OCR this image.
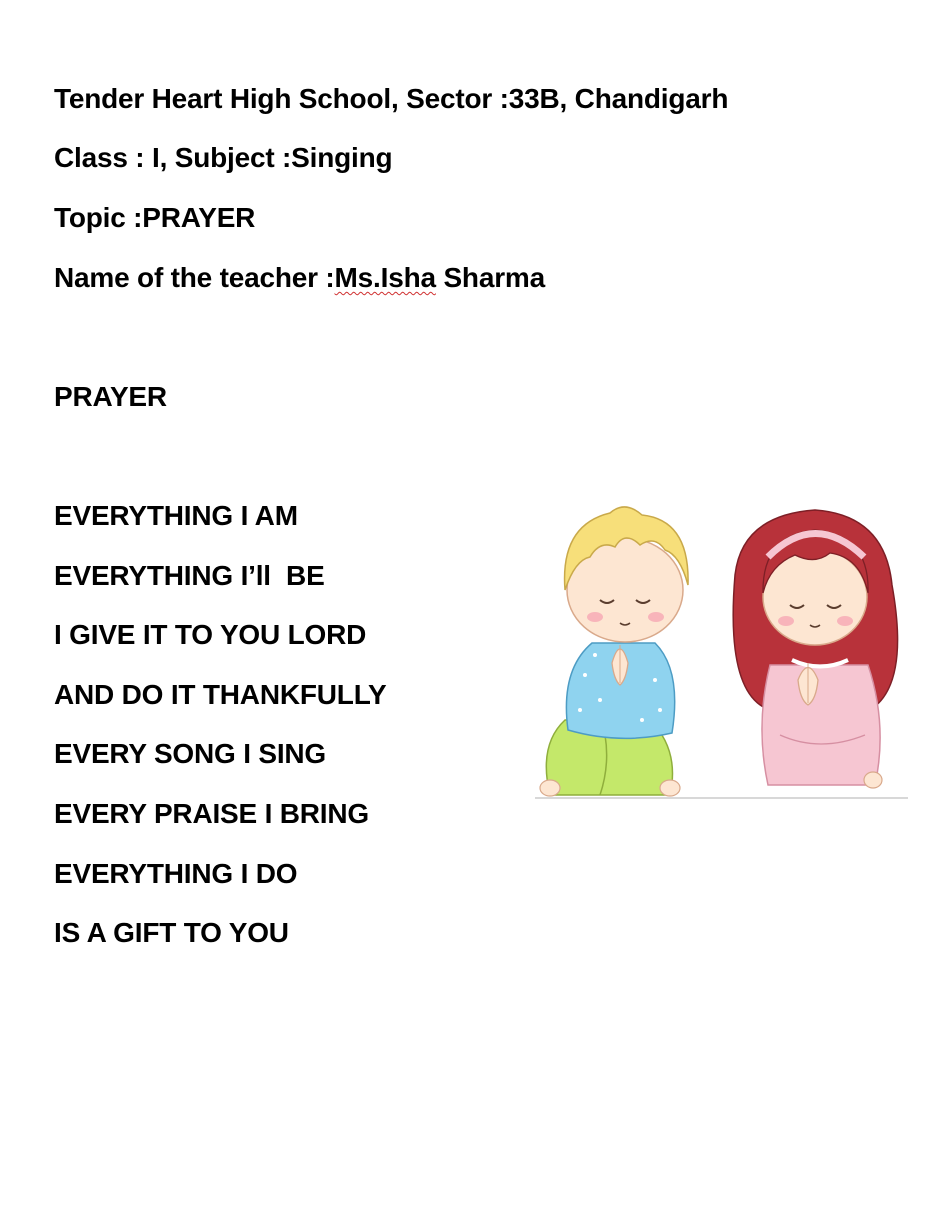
Tender Heart High School, Sector :33B, Chandigarh
Class : I, Subject :Singing
Topic :PRAYER
Name of the teacher :Ms.Isha Sharma
PRAYER
EVERYTHING I AM
EVERYTHING I’ll  BE
I GIVE IT TO YOU LORD
AND DO IT THANKFULLY
EVERY SONG I SING
EVERY PRAISE I BRING
EVERYTHING I DO
IS A GIFT TO YOU
